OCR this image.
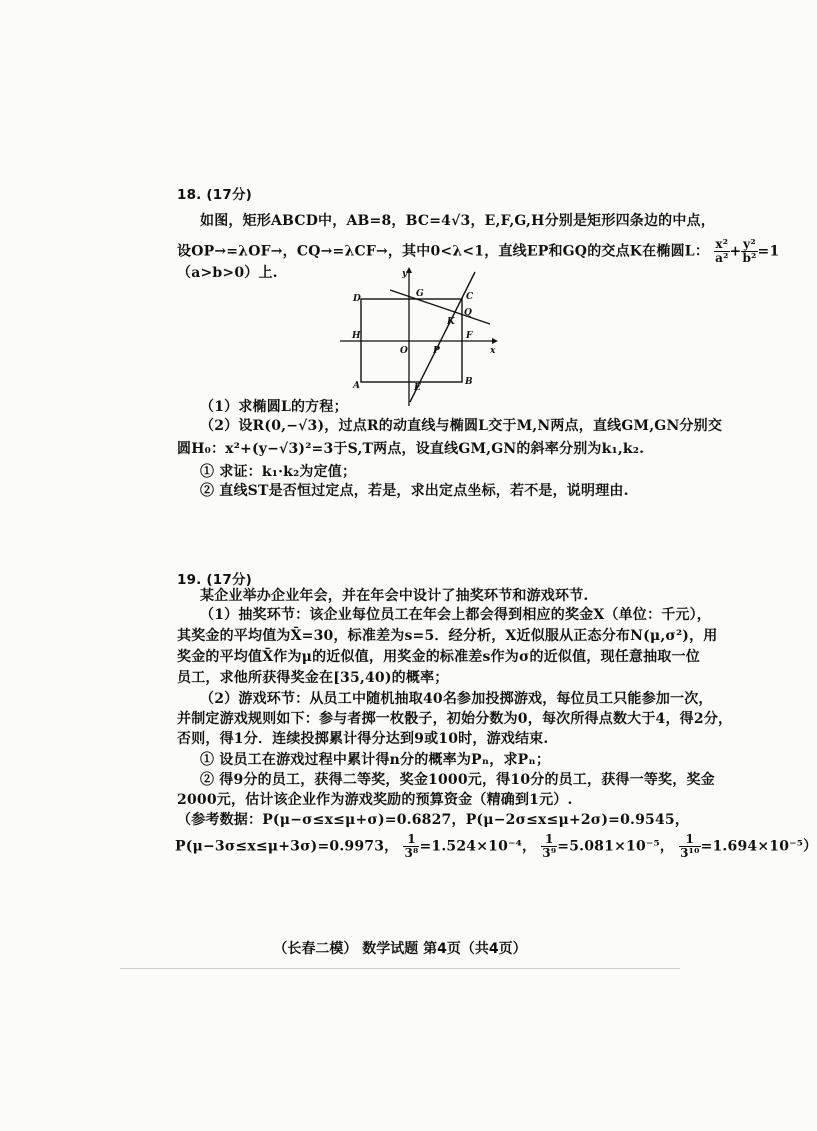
18. (17分)
如图，矩形ABCD中，AB=8，BC=4√3，E,F,G,H分别是矩形四条边的中点，
设OP→=λOF→，CQ→=λCF→，其中0<λ<1，直线EP和GQ的交点K在椭圆L： $\frac{\text{x²}}{\text{a²}} + \frac{\text{y²}}{\text{b²}} =1$
（a>b>0）上.	y
x
D	G	C
Q
K
H
O	P
F
A	E
B
（1）求椭圆L的方程；
（2）设R(0,−√3)，过点R的动直线与椭圆L交于M,N两点，直线GM,GN分别交
圆H₀：x²+(y−√3)²=3于S,T两点，设直线GM,GN的斜率分别为k₁,k₂.
① 求证：k₁·k₂为定值；
② 直线ST是否恒过定点，若是，求出定点坐标，若不是，说明理由.
19. (17分)
某企业举办企业年会，并在年会中设计了抽奖环节和游戏环节.
（1）抽奖环节：该企业每位员工在年会上都会得到相应的奖金X（单位：千元），
其奖金的平均值为X̄=30，标准差为s=5．经分析，X近似服从正态分布N(μ,σ²)，用
奖金的平均值X̄作为μ的近似值，用奖金的标准差s作为σ的近似值，现任意抽取一位
员工，求他所获得奖金在[35,40)的概率；
（2）游戏环节：从员工中随机抽取40名参加投掷游戏，每位员工只能参加一次，
并制定游戏规则如下：参与者掷一枚骰子，初始分数为0，每次所得点数大于4，得2分，
否则，得1分．连续投掷累计得分达到9或10时，游戏结束.
① 设员工在游戏过程中累计得n分的概率为Pₙ，求Pₙ；
② 得9分的员工，获得二等奖，奖金1000元，得10分的员工，获得一等奖，奖金
2000元，估计该企业作为游戏奖励的预算资金（精确到1元）.
（参考数据：P(μ−σ≤x≤μ+σ)=0.6827，P(μ−2σ≤x≤μ+2σ)=0.9545，
P(μ−3σ≤x≤μ+3σ)=0.9973， $\frac{1}{\text{3⁸}} =1.524\times 10^{-4}$， $\frac{1}{\text{3⁹}} =5.081\times 10^{-5}$， $\frac{1}{\text{3¹⁰}} =1.694\times 10^{-5}$）
（长春二模） 数学试题 第4页（共4页）
